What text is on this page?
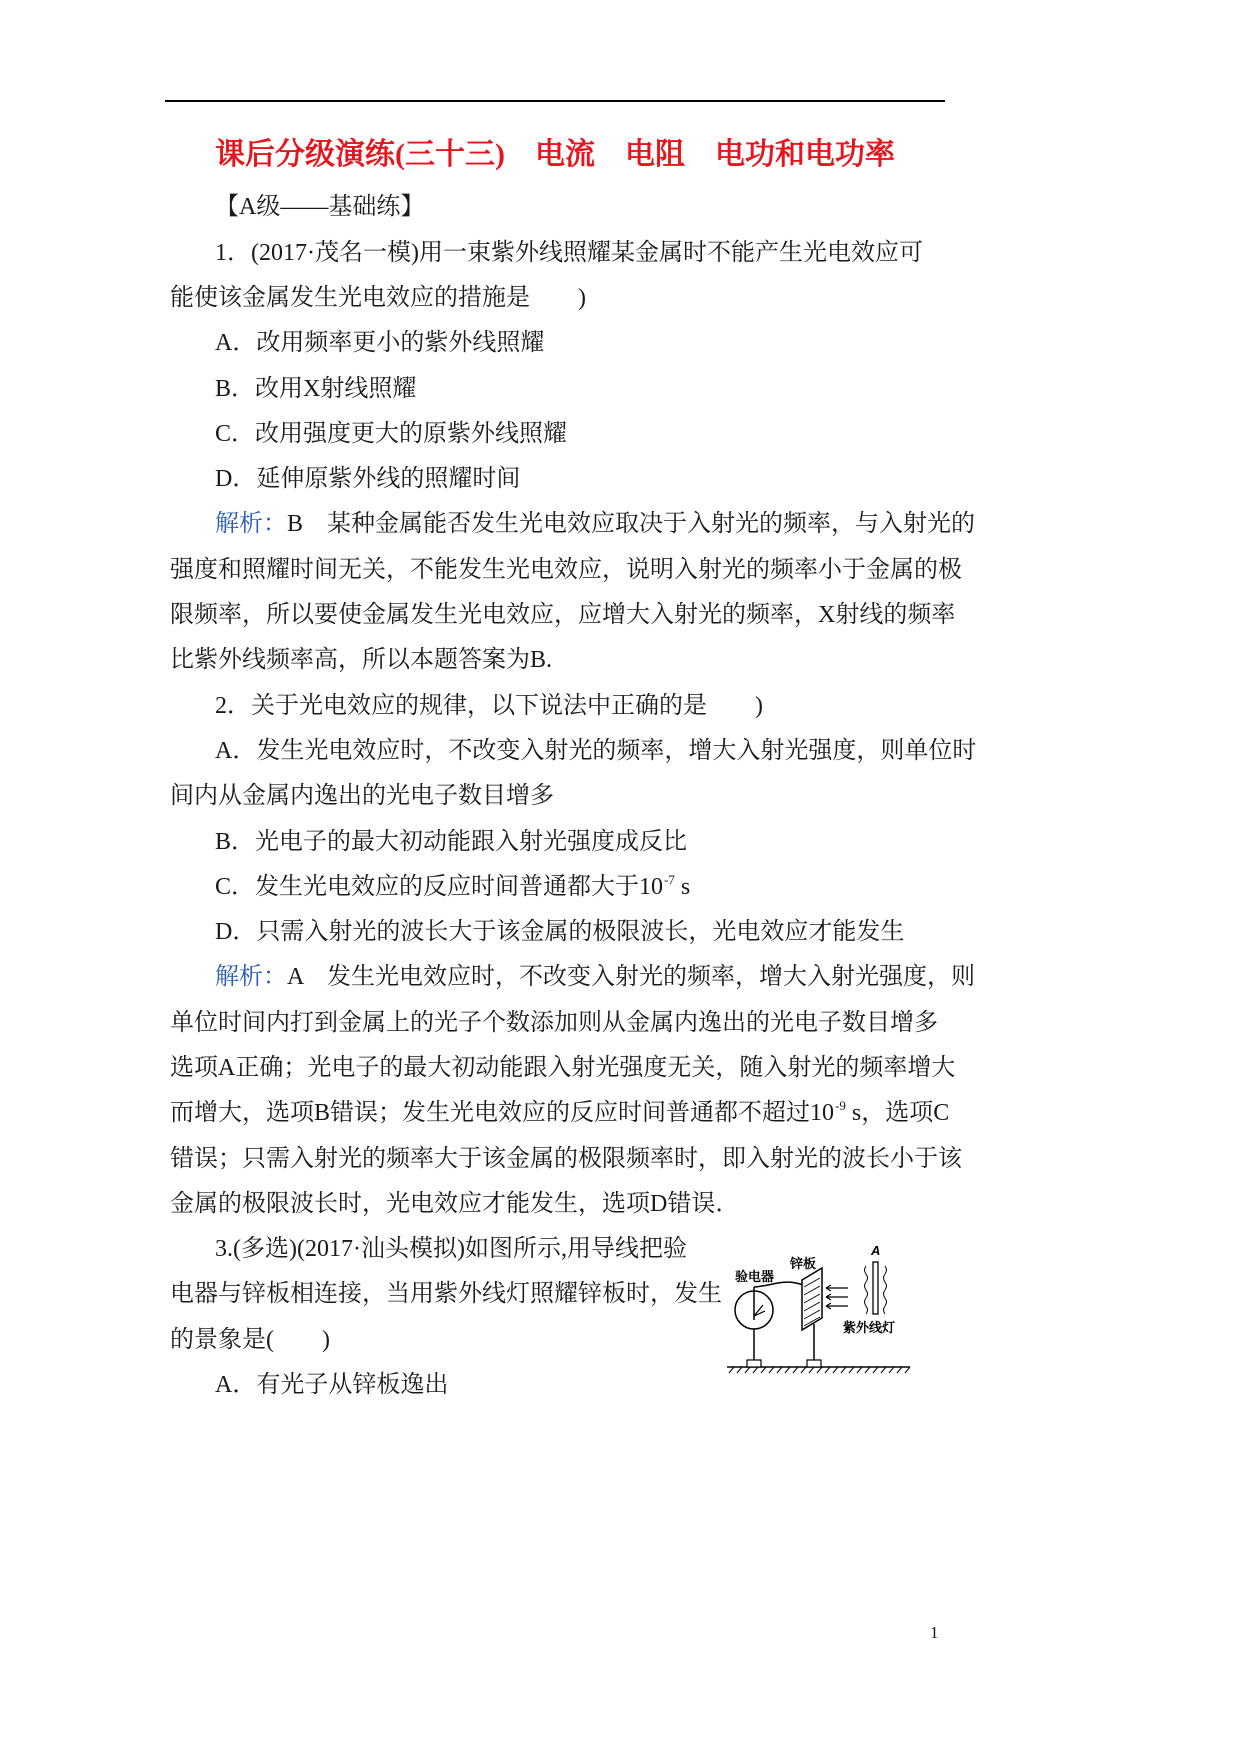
课后分级演练(三十三)　电流　电阻　电功和电功率
【A级——基础练】
1．(2017·茂名一模)用一束紫外线照耀某金属时不能产生光电效应可
能使该金属发生光电效应的措施是　　)
A．改用频率更小的紫外线照耀
B．改用X射线照耀
C．改用强度更大的原紫外线照耀
D．延伸原紫外线的照耀时间
解析：B　某种金属能否发生光电效应取决于入射光的频率，与入射光的
强度和照耀时间无关，不能发生光电效应，说明入射光的频率小于金属的极
限频率，所以要使金属发生光电效应，应增大入射光的频率，X射线的频率
比紫外线频率高，所以本题答案为B.
2．关于光电效应的规律，以下说法中正确的是　　)
A．发生光电效应时，不改变入射光的频率，增大入射光强度，则单位时
间内从金属内逸出的光电子数目增多
B．光电子的最大初动能跟入射光强度成反比
C．发生光电效应的反应时间普通都大于$10^{-7}$ s
D．只需入射光的波长大于该金属的极限波长，光电效应才能发生
解析：A　发生光电效应时，不改变入射光的频率，增大入射光强度，则
单位时间内打到金属上的光子个数添加则从金属内逸出的光电子数目增多
选项A正确；光电子的最大初动能跟入射光强度无关，随入射光的频率增大
而增大，选项B错误；发生光电效应的反应时间普通都不超过$10^{-9}$ s，选项C
错误；只需入射光的频率大于该金属的极限频率时，即入射光的波长小于该
金属的极限波长时，光电效应才能发生，选项D错误．
3.(多选)(2017·汕头模拟)如图所示,用导线把验
电器与锌板相连接，当用紫外线灯照耀锌板时，发生
的景象是(　　)
A．有光子从锌板逸出
验电器
锌板
A
紫外线灯
1
